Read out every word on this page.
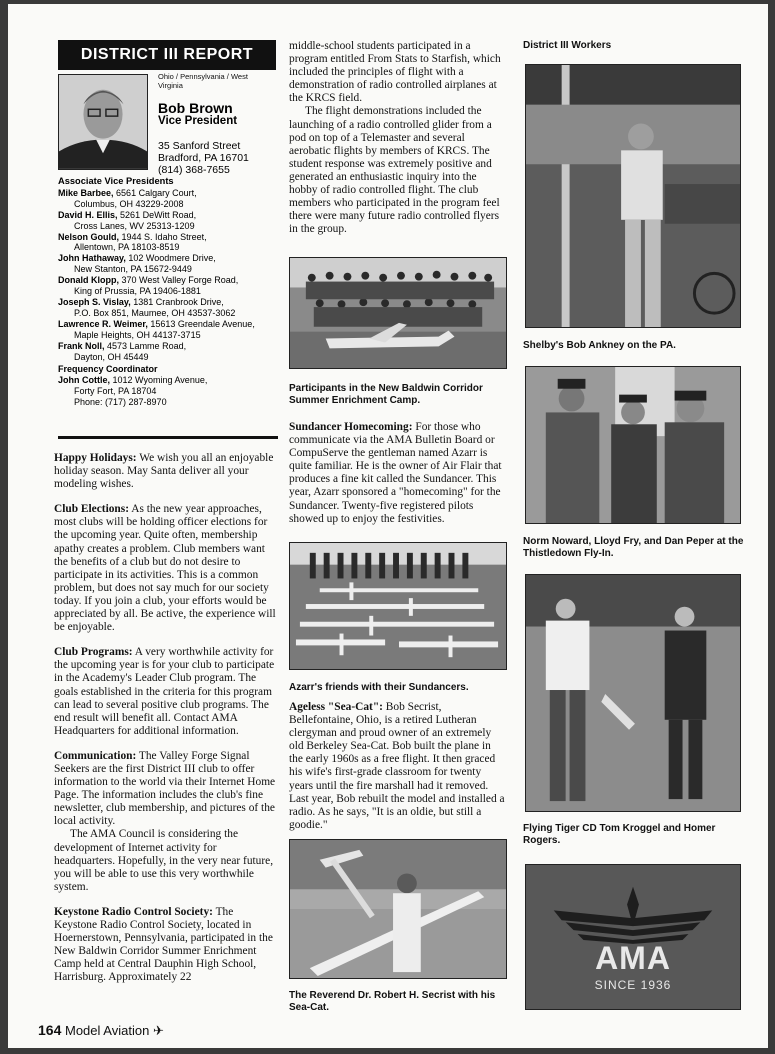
DISTRICT III REPORT
Ohio / Pennsylvania / West Virginia
Bob Brown
Vice President
35 Sanford Street
Bradford, PA 16701
(814) 368-7655
Associate Vice Presidents
Mike Barbee, 6561 Calgary Court,
Columbus, OH 43229-2008
David H. Ellis, 5261 DeWitt Road,
Cross Lanes, WV 25313-1209
Nelson Gould, 1944 S. Idaho Street,
Allentown, PA 18103-8519
John Hathaway, 102 Woodmere Drive,
New Stanton, PA 15672-9449
Donald Klopp, 370 West Valley Forge Road,
King of Prussia, PA 19406-1881
Joseph S. Vislay, 1381 Cranbrook Drive,
P.O. Box 851, Maumee, OH 43537-3062
Lawrence R. Weimer, 15613 Greendale Avenue,
Maple Heights, OH 44137-3715
Frank Noll, 4573 Lamme Road,
Dayton, OH 45449
Frequency Coordinator
John Cottle, 1012 Wyoming Avenue,
Forty Fort, PA 18704
Phone: (717) 287-8970

Happy Holidays: We wish you all an enjoyable holiday season. May Santa deliver all your modeling wishes.

Club Elections: As the new year approaches, most clubs will be holding officer elections for the upcoming year. Quite often, membership apathy creates a problem. Club members want the benefits of a club but do not desire to participate in its activities. This is a common problem, but does not say much for our society today. If you join a club, your efforts would be appreciated by all. Be active, the experience will be enjoyable.

Club Programs: A very worthwhile activity for the upcoming year is for your club to participate in the Academy's Leader Club program. The goals established in the criteria for this program can lead to several positive club programs. The end result will benefit all. Contact AMA Headquarters for additional information.

Communication: The Valley Forge Signal Seekers are the first District III club to offer information to the world via their Internet Home Page. The information includes the club's fine newsletter, club membership, and pictures of the local activity.

The AMA Council is considering the development of Internet activity for headquarters. Hopefully, in the very near future, you will be able to use this very worthwhile system.

Keystone Radio Control Society: The Keystone Radio Control Society, located in Hoernerstown, Pennsylvania, participated in the New Baldwin Corridor Summer Enrichment Camp held at Central Dauphin High School, Harrisburg. Approximately 22

middle-school students participated in a program entitled From Stats to Starfish, which included the principles of flight with a demonstration of radio controlled airplanes at the KRCS field.

The flight demonstrations included the launching of a radio controlled glider from a pod on top of a Telemaster and several aerobatic flights by members of KRCS. The student response was extremely positive and generated an enthusiastic inquiry into the hobby of radio controlled flight. The club members who participated in the program feel there were many future radio controlled flyers in the group.

Participants in the New Baldwin Corridor Summer Enrichment Camp.

Sundancer Homecoming: For those who communicate via the AMA Bulletin Board or CompuServe the gentleman named Azarr is quite familiar. He is the owner of Air Flair that produces a fine kit called the Sundancer. This year, Azarr sponsored a "homecoming" for the Sundancer. Twenty-five registered pilots showed up to enjoy the festivities.

Azarr's friends with their Sundancers.

Ageless "Sea-Cat": Bob Secrist, Bellefontaine, Ohio, is a retired Lutheran clergyman and proud owner of an extremely old Berkeley Sea-Cat. Bob built the plane in the early 1960s as a free flight. It then graced his wife's first-grade classroom for twenty years until the fire marshall had it removed. Last year, Bob rebuilt the model and installed a radio. As he says, "It is an oldie, but still a goodie."

The Reverend Dr. Robert H. Secrist with his Sea-Cat.
District III Workers
Shelby's Bob Ankney on the PA.
Norm Noward, Lloyd Fry, and Dan Peper at the Thistledown Fly-In.
Flying Tiger CD Tom Kroggel and Homer Rogers.
AMA
SINCE 1936
164 Model Aviation ✈
